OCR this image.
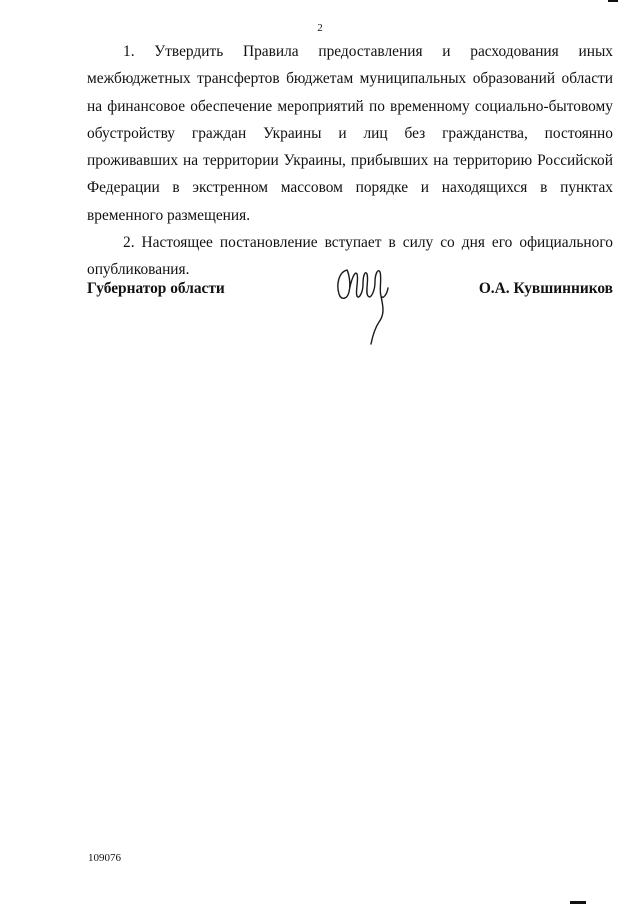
2

1. Утвердить Правила предоставления и расходования иных межбюджетных трансфертов бюджетам муниципальных образований области на финансовое обеспечение мероприятий по временному социально-бытовому обустройству граждан Украины и лиц без гражданства, постоянно проживавших на территории Украины, прибывших на территорию Российской Федерации в экстренном массовом порядке и находящихся в пунктах временного размещения.

2. Настоящее постановление вступает в силу со дня его официального опубликования.

Губернатор области	О.А. Кувшинников
109076
